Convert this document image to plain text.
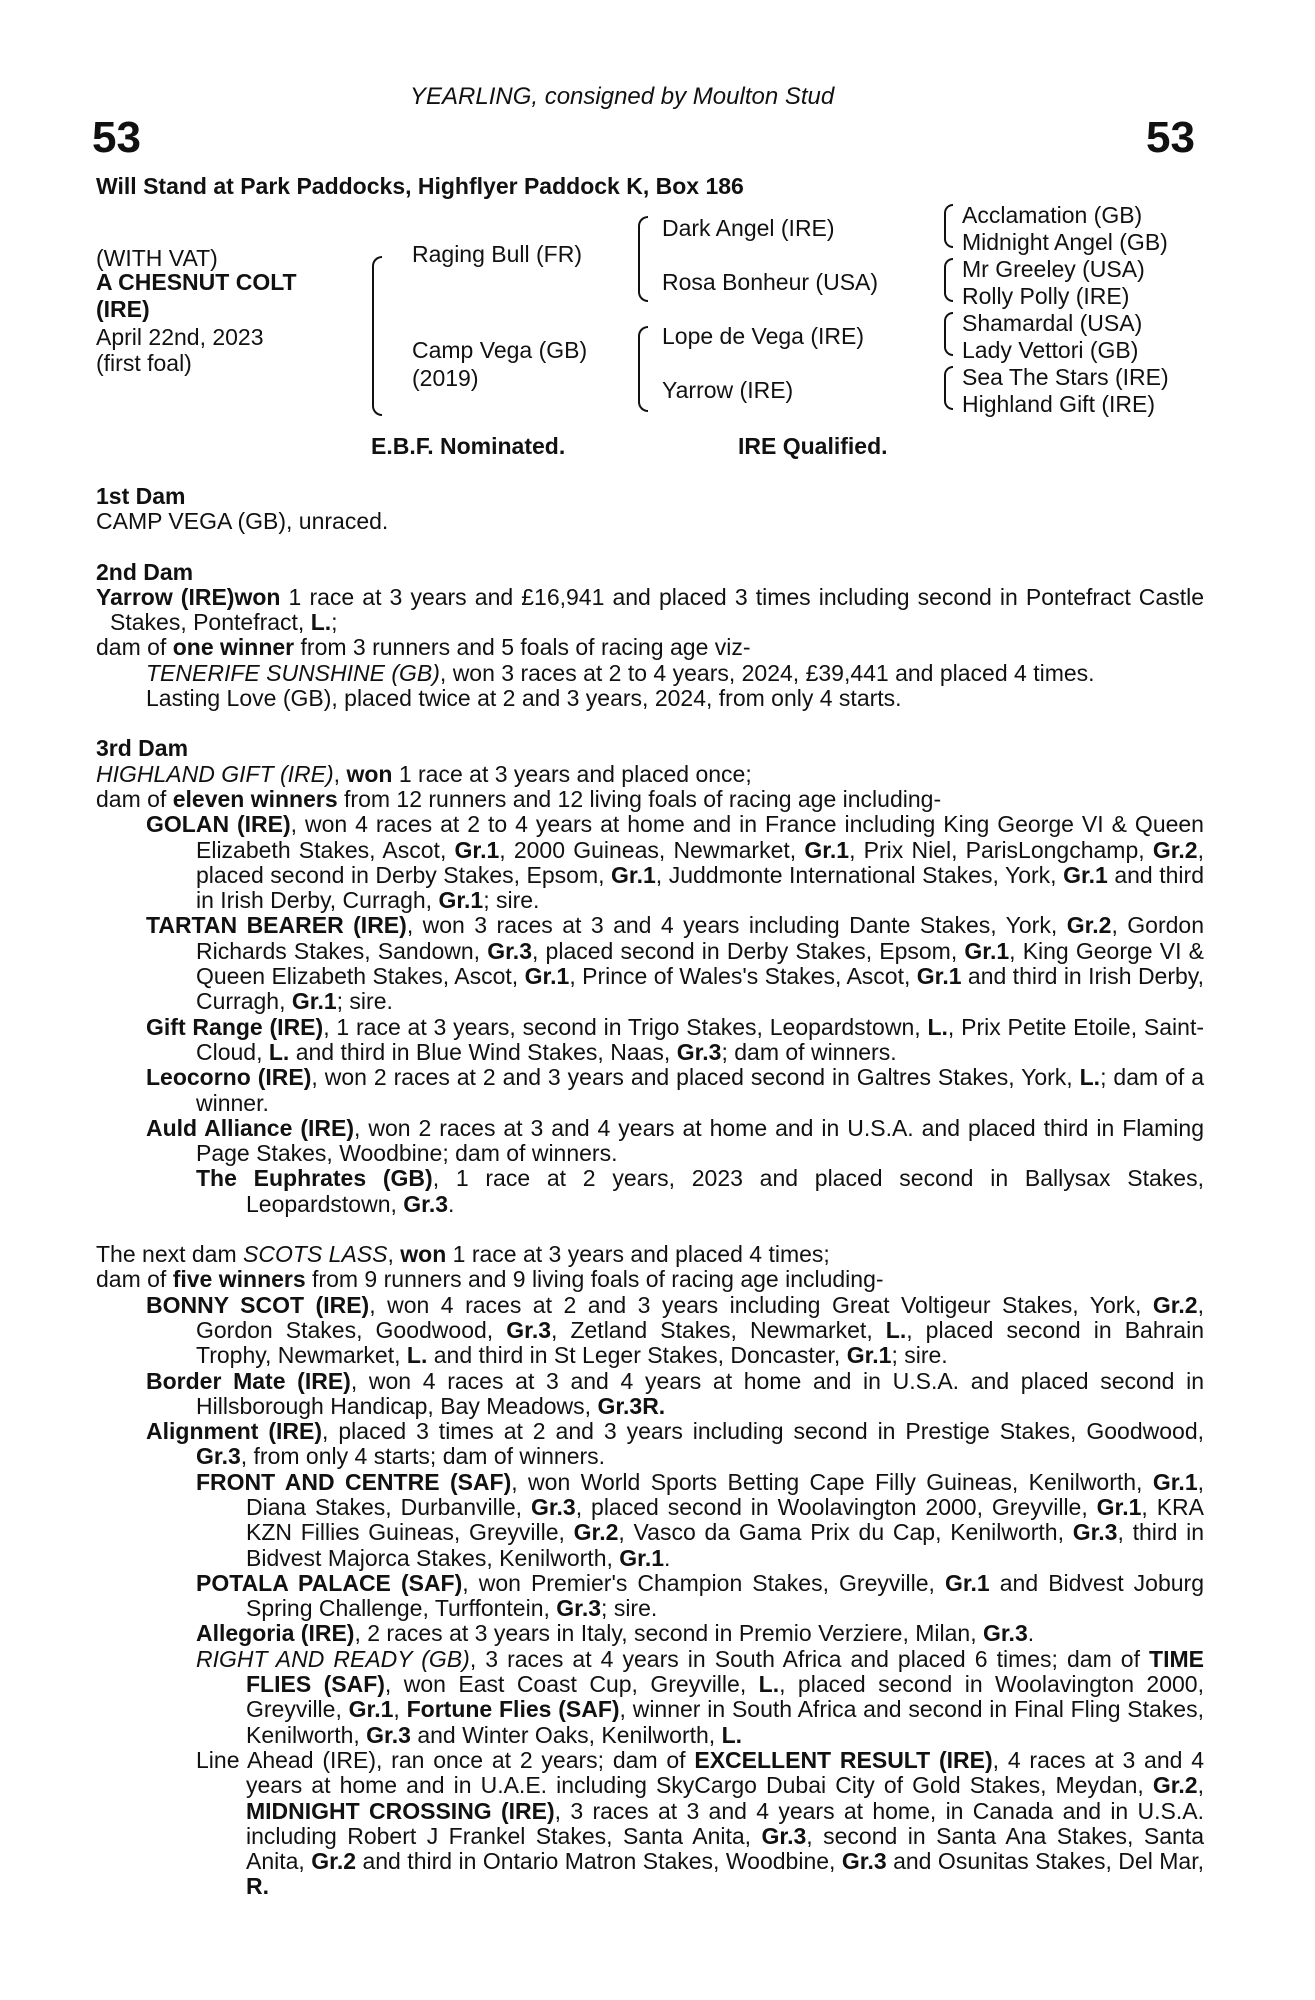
YEARLING, consigned by Moulton Stud
53	53
Will Stand at Park Paddocks, Highflyer Paddock K, Box 186
(WITH VAT)
A CHESNUT COLT
(IRE)
April 22nd, 2023
(first foal)
Raging Bull (FR)
Camp Vega (GB)
(2019)
Dark Angel (IRE)
Rosa Bonheur (USA)
Lope de Vega (IRE)
Yarrow (IRE)
Acclamation (GB)
Midnight Angel (GB)
Mr Greeley (USA)
Rolly Polly (IRE)
Shamardal (USA)
Lady Vettori (GB)
Sea The Stars (IRE)
Highland Gift (IRE)
E.B.F. Nominated.	IRE Qualified.

1st Dam

CAMP VEGA (GB), unraced.

2nd Dam

Yarrow (IRE)won 1 race at 3 years and £16,941 and placed 3 times including second in Pontefract Castle Stakes, Pontefract, L.;

dam of one winner from 3 runners and 5 foals of racing age viz-

TENERIFE SUNSHINE (GB), won 3 races at 2 to 4 years, 2024, £39,441 and placed 4 times.

Lasting Love (GB), placed twice at 2 and 3 years, 2024, from only 4 starts.

3rd Dam

HIGHLAND GIFT (IRE), won 1 race at 3 years and placed once;

dam of eleven winners from 12 runners and 12 living foals of racing age including-

GOLAN (IRE), won 4 races at 2 to 4 years at home and in France including King George VI & Queen Elizabeth Stakes, Ascot, Gr.1, 2000 Guineas, Newmarket, Gr.1, Prix Niel, ParisLongchamp, Gr.2, placed second in Derby Stakes, Epsom, Gr.1, Juddmonte International Stakes, York, Gr.1 and third in Irish Derby, Curragh, Gr.1; sire.

TARTAN BEARER (IRE), won 3 races at 3 and 4 years including Dante Stakes, York, Gr.2, Gordon Richards Stakes, Sandown, Gr.3, placed second in Derby Stakes, Epsom, Gr.1, King George VI & Queen Elizabeth Stakes, Ascot, Gr.1, Prince of Wales's Stakes, Ascot, Gr.1 and third in Irish Derby, Curragh, Gr.1; sire.

Gift Range (IRE), 1 race at 3 years, second in Trigo Stakes, Leopardstown, L., Prix Petite Etoile, Saint-Cloud, L. and third in Blue Wind Stakes, Naas, Gr.3; dam of winners.

Leocorno (IRE), won 2 races at 2 and 3 years and placed second in Galtres Stakes, York, L.; dam of a winner.

Auld Alliance (IRE), won 2 races at 3 and 4 years at home and in U.S.A. and placed third in Flaming Page Stakes, Woodbine; dam of winners.

The Euphrates (GB), 1 race at 2 years, 2023 and placed second in Ballysax Stakes, Leopardstown, Gr.3.

The next dam SCOTS LASS, won 1 race at 3 years and placed 4 times;

dam of five winners from 9 runners and 9 living foals of racing age including-

BONNY SCOT (IRE), won 4 races at 2 and 3 years including Great Voltigeur Stakes, York, Gr.2, Gordon Stakes, Goodwood, Gr.3, Zetland Stakes, Newmarket, L., placed second in Bahrain Trophy, Newmarket, L. and third in St Leger Stakes, Doncaster, Gr.1; sire.

Border Mate (IRE), won 4 races at 3 and 4 years at home and in U.S.A. and placed second in Hillsborough Handicap, Bay Meadows, Gr.3R.

Alignment (IRE), placed 3 times at 2 and 3 years including second in Prestige Stakes, Goodwood, Gr.3, from only 4 starts; dam of winners.

FRONT AND CENTRE (SAF), won World Sports Betting Cape Filly Guineas, Kenilworth, Gr.1, Diana Stakes, Durbanville, Gr.3, placed second in Woolavington 2000, Greyville, Gr.1, KRA KZN Fillies Guineas, Greyville, Gr.2, Vasco da Gama Prix du Cap, Kenilworth, Gr.3, third in Bidvest Majorca Stakes, Kenilworth, Gr.1.

POTALA PALACE (SAF), won Premier's Champion Stakes, Greyville, Gr.1 and Bidvest Joburg Spring Challenge, Turffontein, Gr.3; sire.

Allegoria (IRE), 2 races at 3 years in Italy, second in Premio Verziere, Milan, Gr.3.

RIGHT AND READY (GB), 3 races at 4 years in South Africa and placed 6 times; dam of TIME FLIES (SAF), won East Coast Cup, Greyville, L., placed second in Woolavington 2000, Greyville, Gr.1, Fortune Flies (SAF), winner in South Africa and second in Final Fling Stakes, Kenilworth, Gr.3 and Winter Oaks, Kenilworth, L.

Line Ahead (IRE), ran once at 2 years; dam of EXCELLENT RESULT (IRE), 4 races at 3 and 4 years at home and in U.A.E. including SkyCargo Dubai City of Gold Stakes, Meydan, Gr.2, MIDNIGHT CROSSING (IRE), 3 races at 3 and 4 years at home, in Canada and in U.S.A. including Robert J Frankel Stakes, Santa Anita, Gr.3, second in Santa Ana Stakes, Santa Anita, Gr.2 and third in Ontario Matron Stakes, Woodbine, Gr.3 and Osunitas Stakes, Del Mar, R.
